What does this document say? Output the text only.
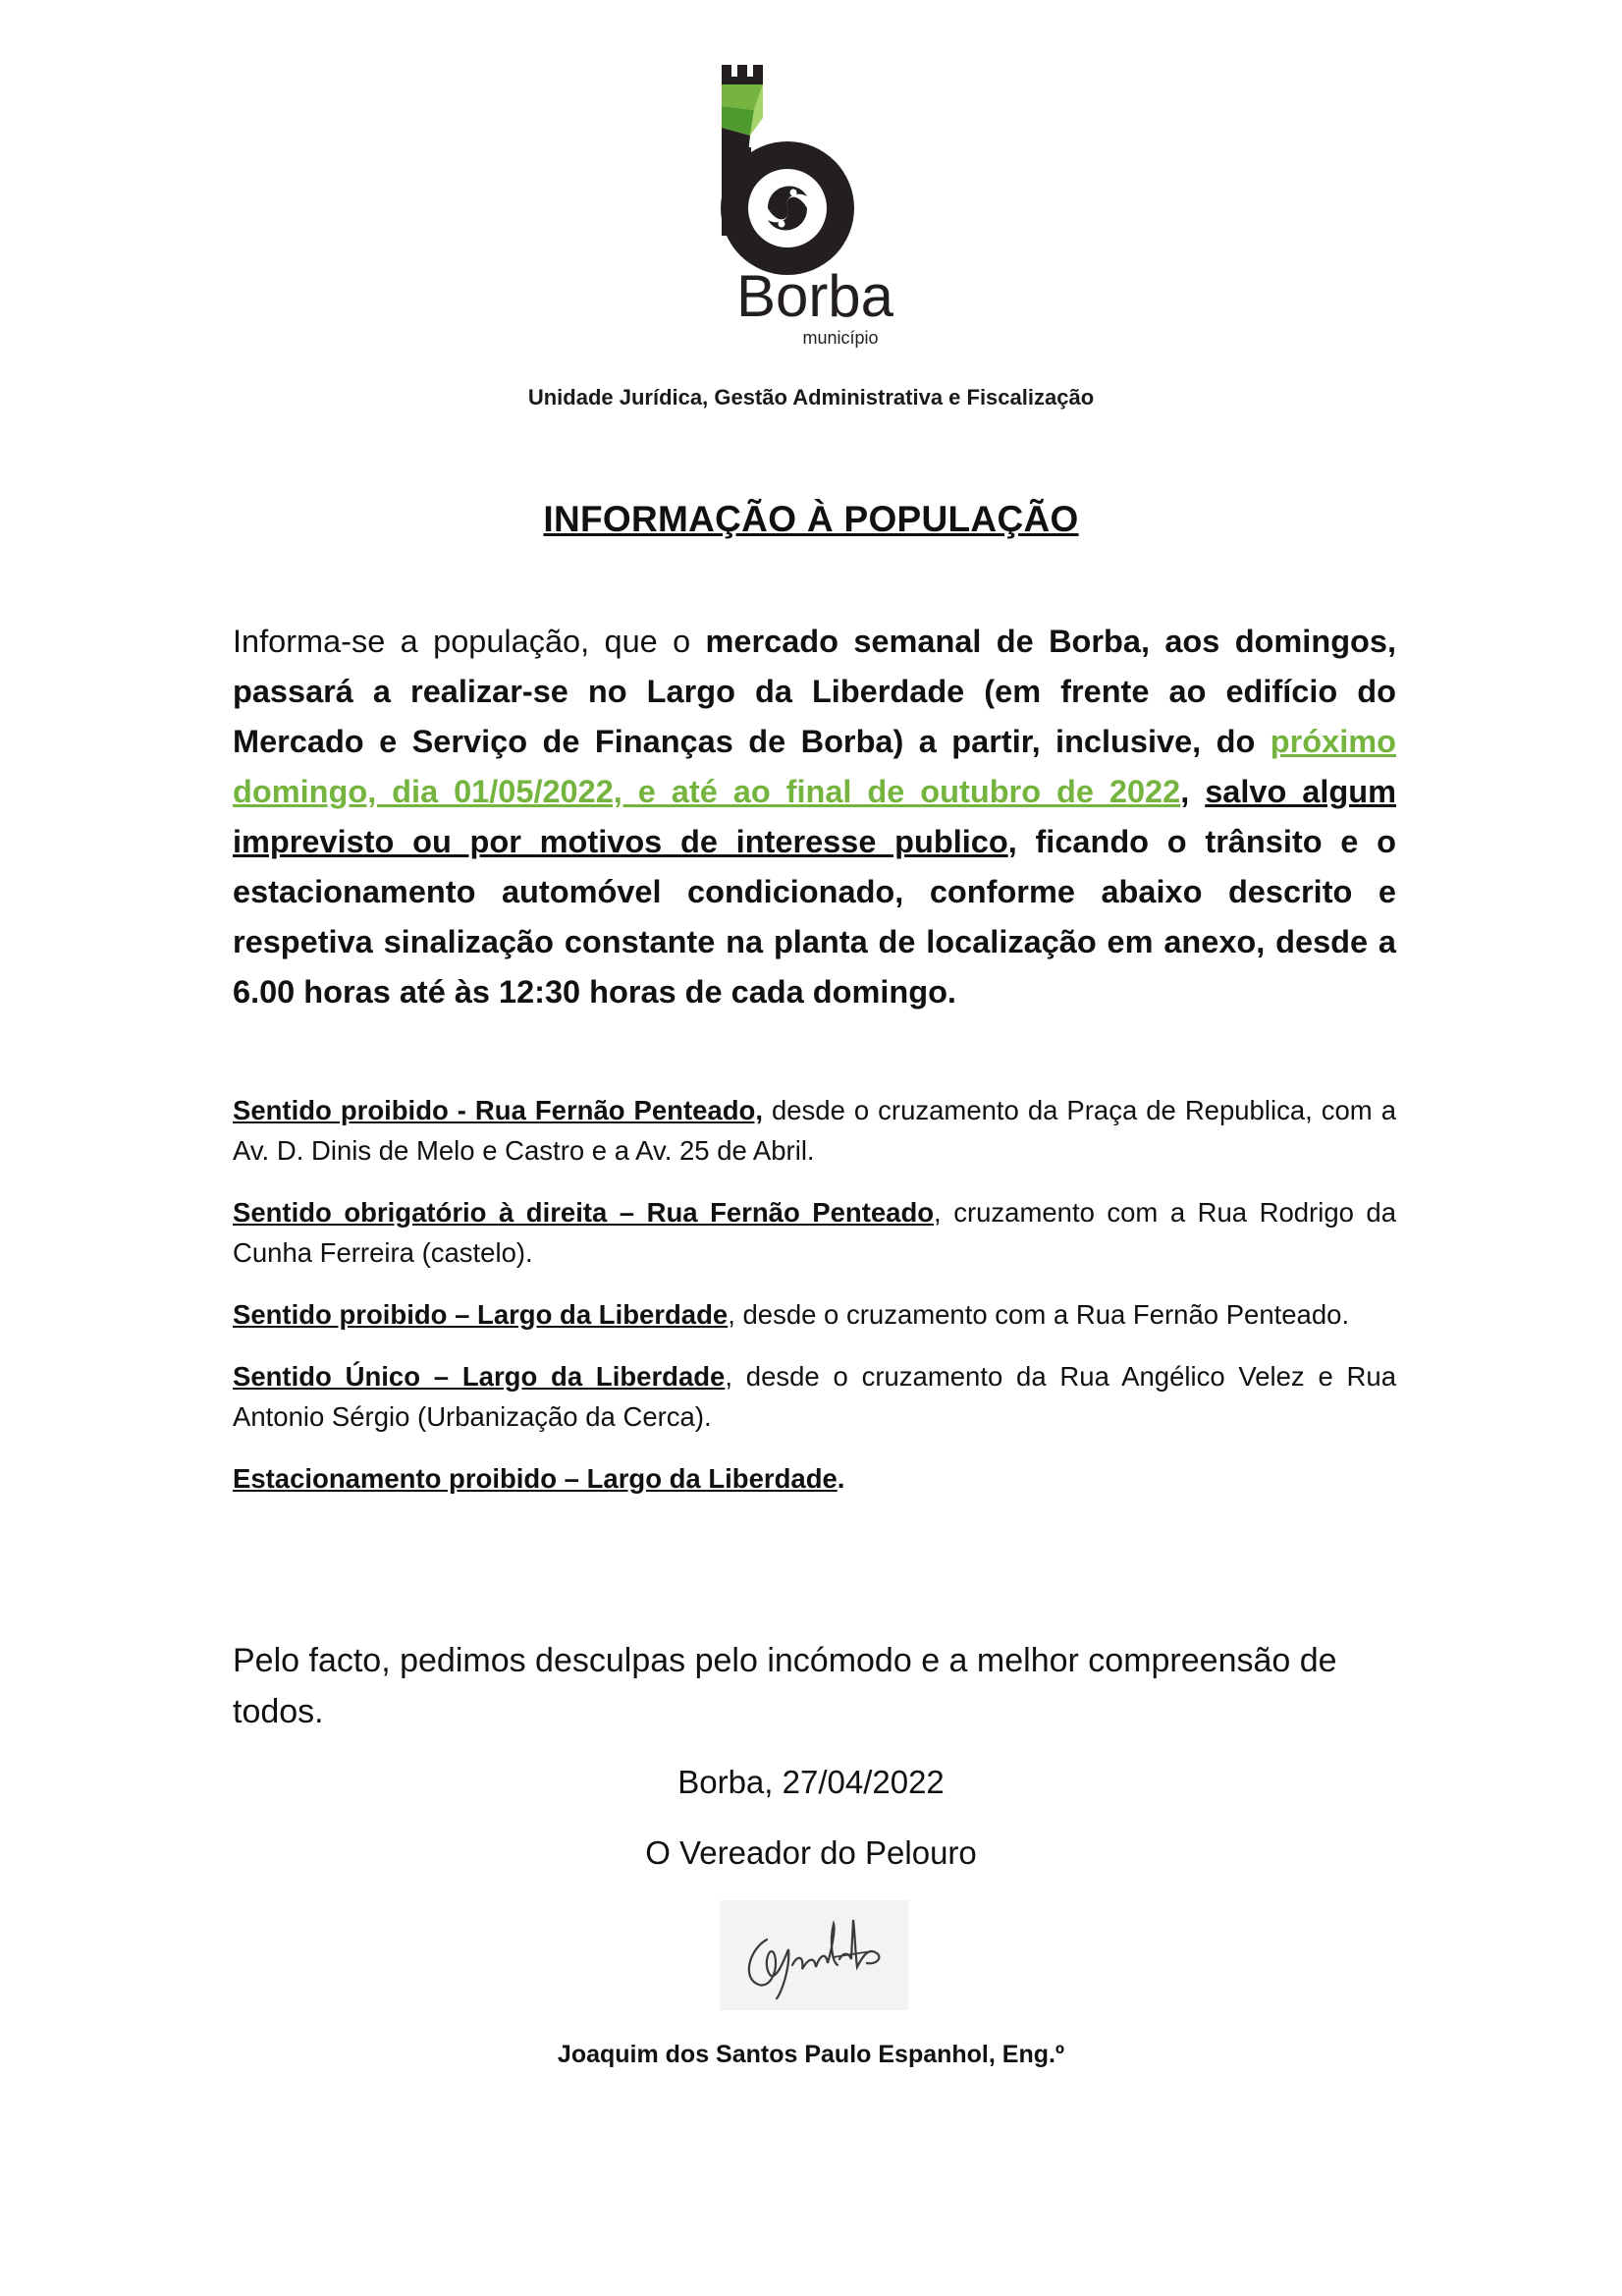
Borba
município
Unidade Jurídica, Gestão Administrativa e Fiscalização
INFORMAÇÃO À POPULAÇÃO
Informa-se a população, que o mercado semanal de Borba, aos domingos, passará a realizar-se no Largo da Liberdade (em frente ao edifício do Mercado e Serviço de Finanças de Borba) a partir, inclusive, do próximo domingo, dia 01/05/2022, e até ao final de outubro de 2022, salvo algum imprevisto ou por motivos de interesse publico, ficando o trânsito e o estacionamento automóvel condicionado, conforme abaixo descrito e respetiva sinalização constante na planta de localização em anexo, desde a 6.00 horas até às 12:30 horas de cada domingo.

Sentido proibido - Rua Fernão Penteado, desde o cruzamento da Praça de Republica, com a Av. D. Dinis de Melo e Castro e a Av. 25 de Abril.

Sentido obrigatório à direita – Rua Fernão Penteado, cruzamento com a Rua Rodrigo da Cunha Ferreira (castelo).

Sentido proibido – Largo da Liberdade, desde o cruzamento com a Rua Fernão Penteado.

Sentido Único – Largo da Liberdade, desde o cruzamento da Rua Angélico Velez e Rua Antonio Sérgio (Urbanização da Cerca).

Estacionamento proibido – Largo da Liberdade.

Pelo facto, pedimos desculpas pelo incómodo e a melhor compreensão de todos.
Borba, 27/04/2022
O Vereador do Pelouro
Joaquim dos Santos Paulo Espanhol, Eng.º
